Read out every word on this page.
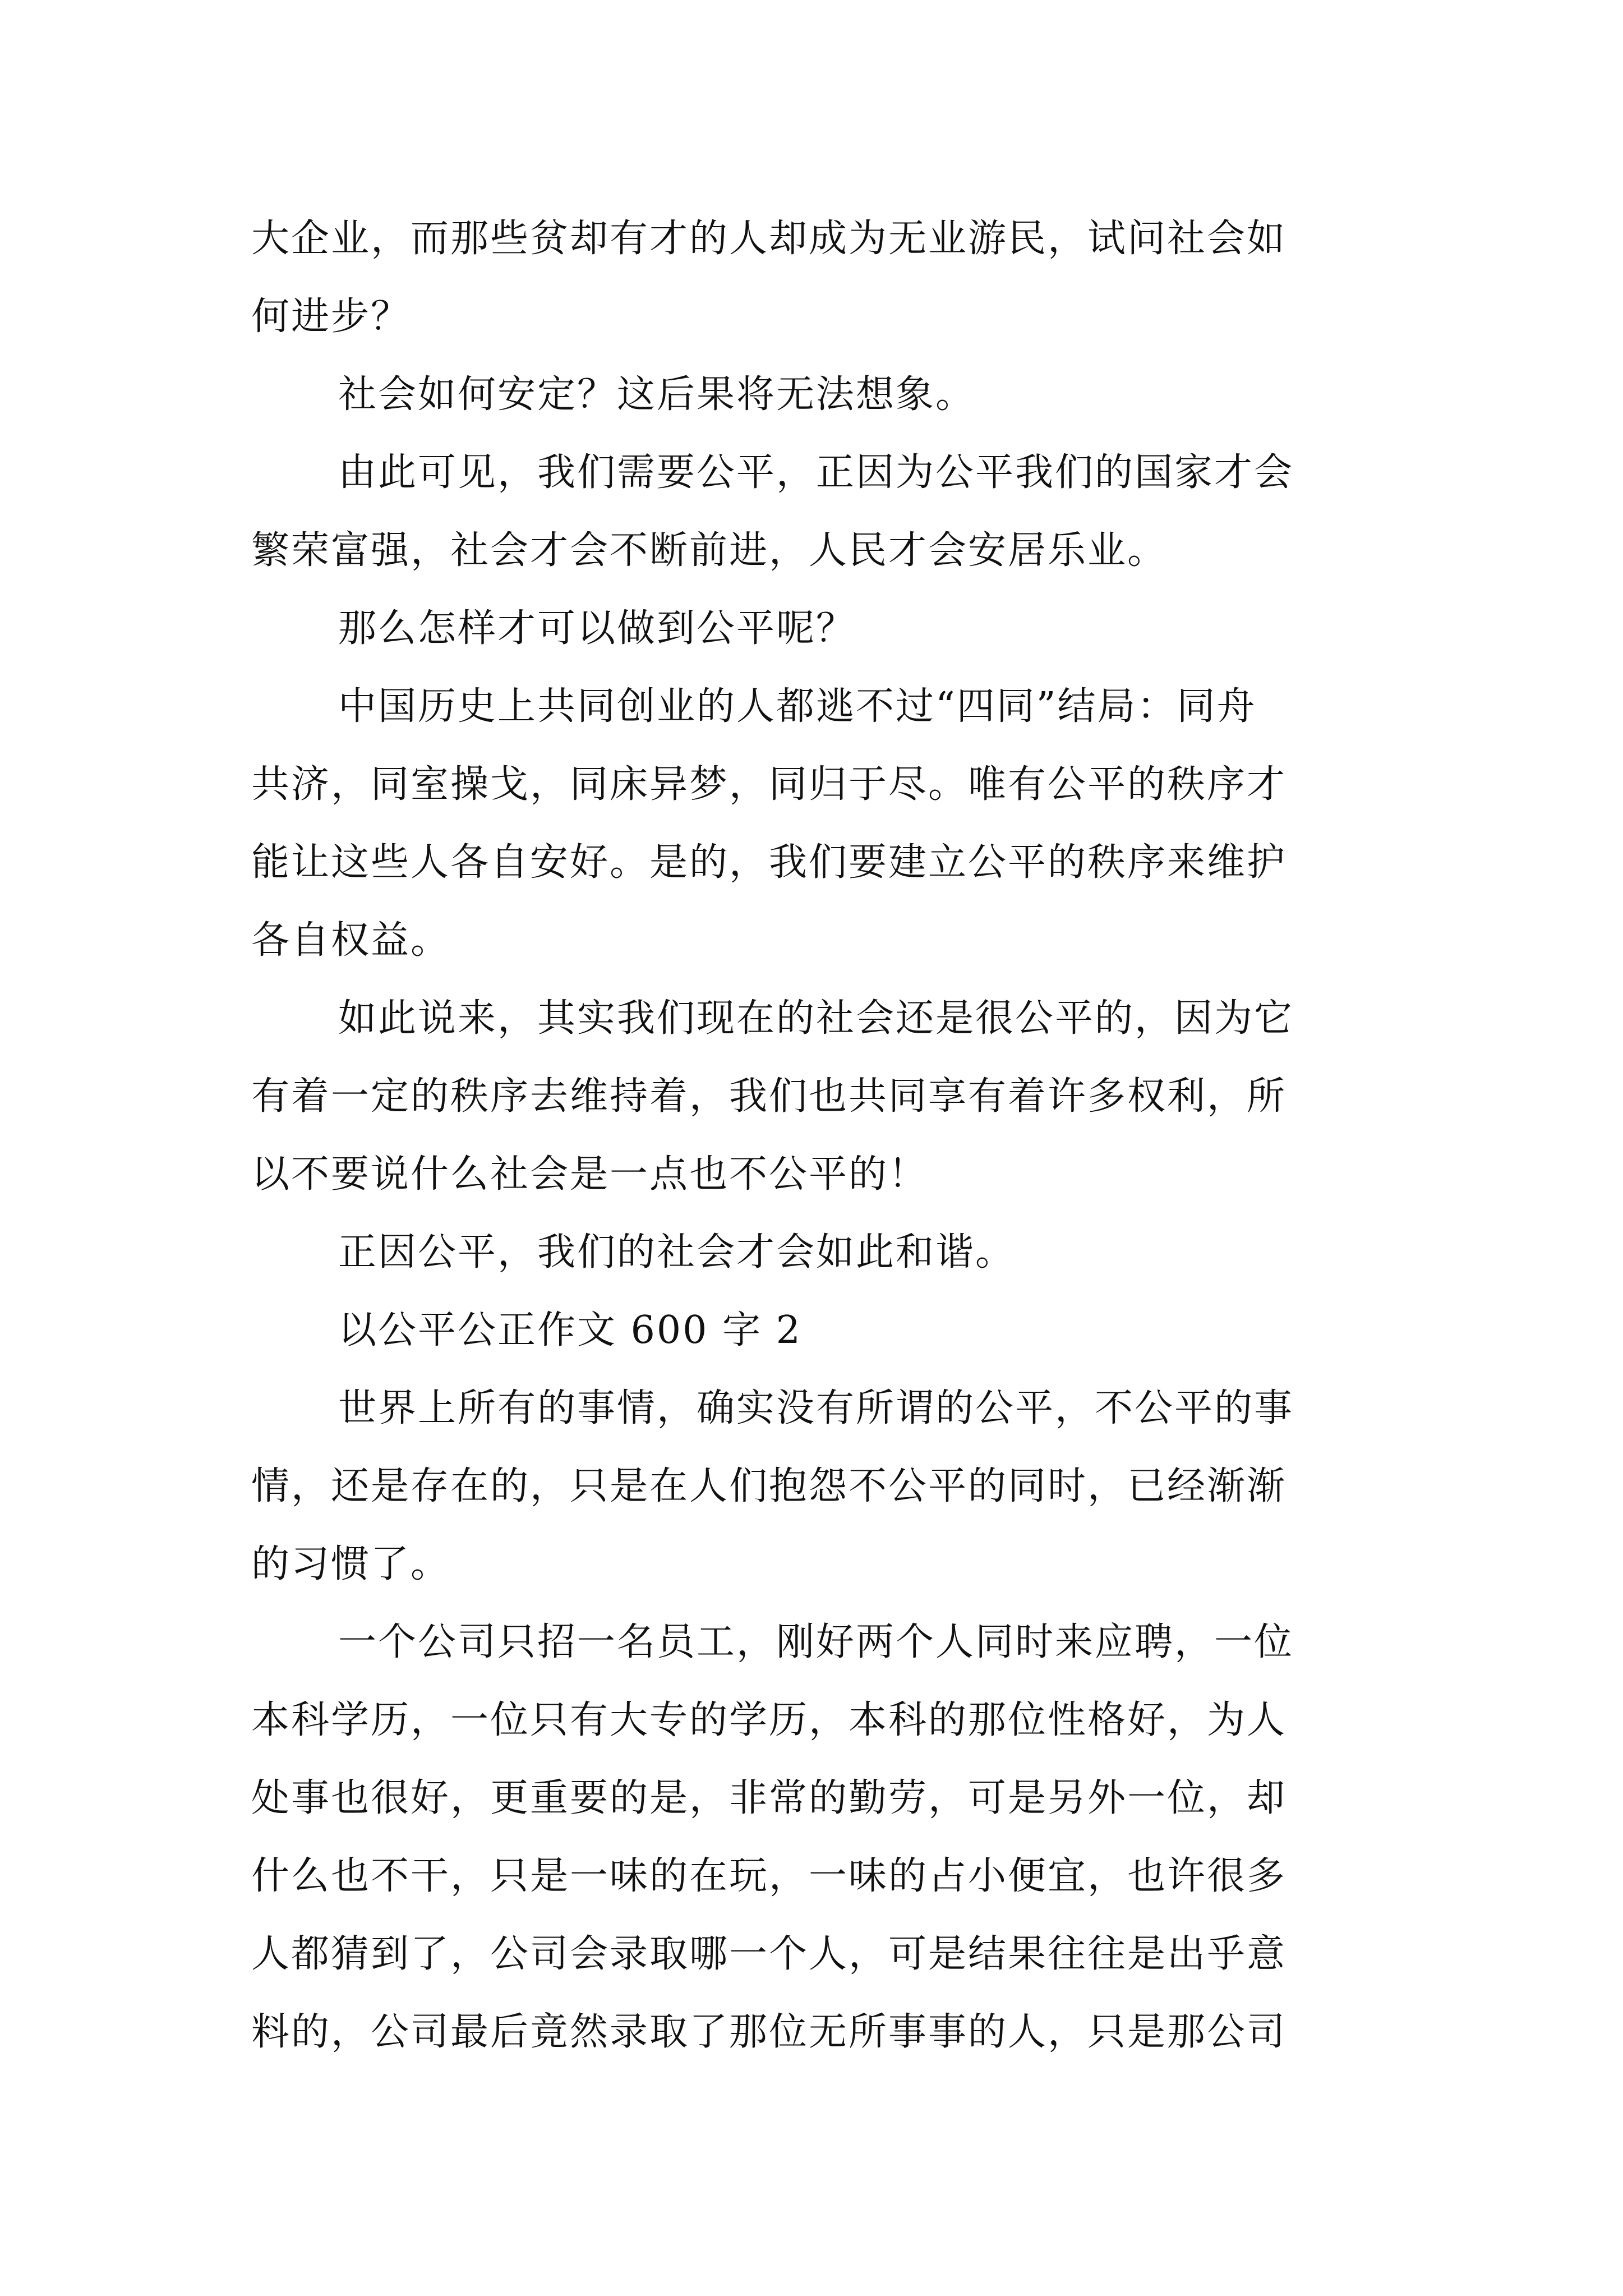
大企业，而那些贫却有才的人却成为无业游民，试问社会如
何进步？
社会如何安定？这后果将无法想象。
由此可见，我们需要公平，正因为公平我们的国家才会
繁荣富强，社会才会不断前进，人民才会安居乐业。
那么怎样才可以做到公平呢？
中国历史上共同创业的人都逃不过“四同”结局：同舟
共济，同室操戈，同床异梦，同归于尽。唯有公平的秩序才
能让这些人各自安好。是的，我们要建立公平的秩序来维护
各自权益。
如此说来，其实我们现在的社会还是很公平的，因为它
有着一定的秩序去维持着，我们也共同享有着许多权利，所
以不要说什么社会是一点也不公平的！
正因公平，我们的社会才会如此和谐。
以公平公正作文 600 字 2
世界上所有的事情，确实没有所谓的公平，不公平的事
情，还是存在的，只是在人们抱怨不公平的同时，已经渐渐
的习惯了。
一个公司只招一名员工，刚好两个人同时来应聘，一位
本科学历，一位只有大专的学历，本科的那位性格好，为人
处事也很好，更重要的是，非常的勤劳，可是另外一位，却
什么也不干，只是一味的在玩，一味的占小便宜，也许很多
人都猜到了，公司会录取哪一个人，可是结果往往是出乎意
料的，公司最后竟然录取了那位无所事事的人，只是那公司
